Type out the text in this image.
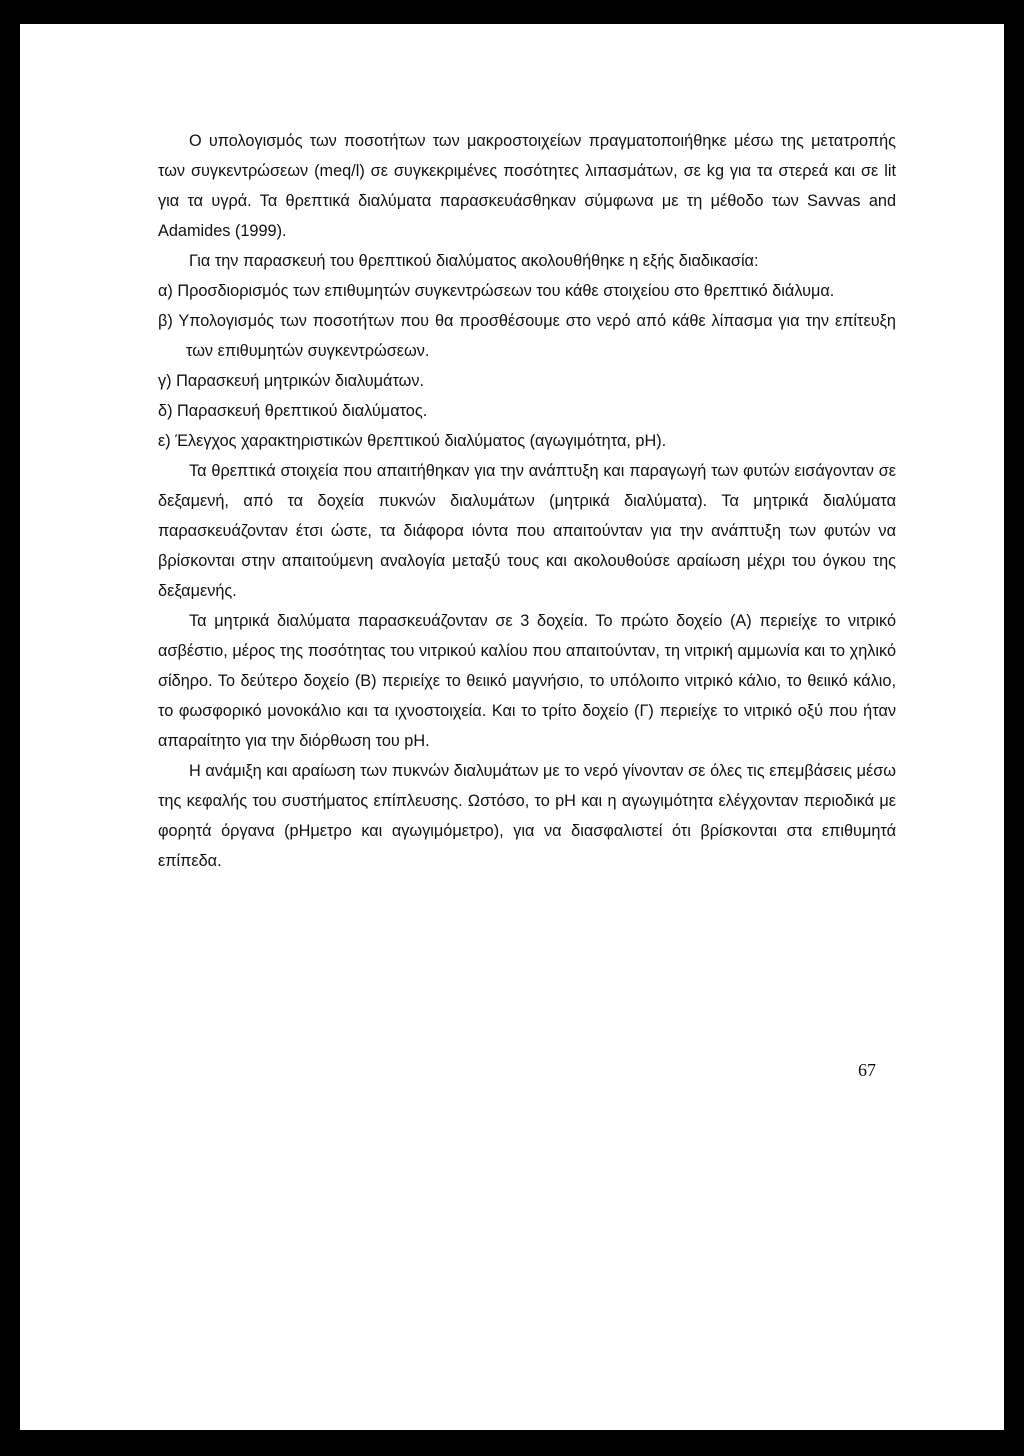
Ο υπολογισμός των ποσοτήτων των μακροστοιχείων πραγματοποιήθηκε μέσω της μετατροπής των συγκεντρώσεων (meq/l) σε συγκεκριμένες ποσότητες λιπασμάτων, σε kg για τα στερεά και σε lit για τα υγρά. Τα θρεπτικά διαλύματα παρασκευάσθηκαν σύμφωνα με τη μέθοδο των Savvas and Adamides (1999).

Για την παρασκευή του θρεπτικού διαλύματος ακολουθήθηκε η εξής διαδικασία:

α) Προσδιορισμός των επιθυμητών συγκεντρώσεων του κάθε στοιχείου στο θρεπτικό διάλυμα.

β) Υπολογισμός των ποσοτήτων που θα προσθέσουμε στο νερό από κάθε λίπασμα για την επίτευξη των επιθυμητών συγκεντρώσεων.

γ) Παρασκευή μητρικών διαλυμάτων.

δ) Παρασκευή θρεπτικού διαλύματος.

ε) Έλεγχος χαρακτηριστικών θρεπτικού διαλύματος (αγωγιμότητα, pH).

Τα θρεπτικά στοιχεία που απαιτήθηκαν για την ανάπτυξη και παραγωγή των φυτών εισάγονταν σε δεξαμενή, από τα δοχεία πυκνών διαλυμάτων (μητρικά διαλύματα). Τα μητρικά διαλύματα παρασκευάζονταν έτσι ώστε, τα διάφορα ιόντα που απαιτούνταν για την ανάπτυξη των φυτών να βρίσκονται στην απαιτούμενη αναλογία μεταξύ τους και ακολουθούσε αραίωση μέχρι του όγκου της δεξαμενής.

Τα μητρικά διαλύματα παρασκευάζονταν σε 3 δοχεία. Το πρώτο δοχείο (Α) περιείχε το νιτρικό ασβέστιο, μέρος της ποσότητας του νιτρικού καλίου που απαιτούνταν, τη νιτρική αμμωνία και το χηλικό σίδηρο. Το δεύτερο δοχείο (Β) περιείχε το θειικό μαγνήσιο, το υπόλοιπο νιτρικό κάλιο, το θειικό κάλιο, το φωσφορικό μονοκάλιο και τα ιχνοστοιχεία. Και το τρίτο δοχείο (Γ) περιείχε το νιτρικό οξύ που ήταν απαραίτητο για την διόρθωση του pH.

Η ανάμιξη και αραίωση των πυκνών διαλυμάτων με το νερό γίνονταν σε όλες τις επεμβάσεις μέσω της κεφαλής του συστήματος επίπλευσης. Ωστόσο, το pH και η αγωγιμότητα ελέγχονταν περιοδικά με φορητά όργανα (pHμετρο και αγωγιμόμετρο), για να διασφαλιστεί ότι βρίσκονται στα επιθυμητά επίπεδα.

67
